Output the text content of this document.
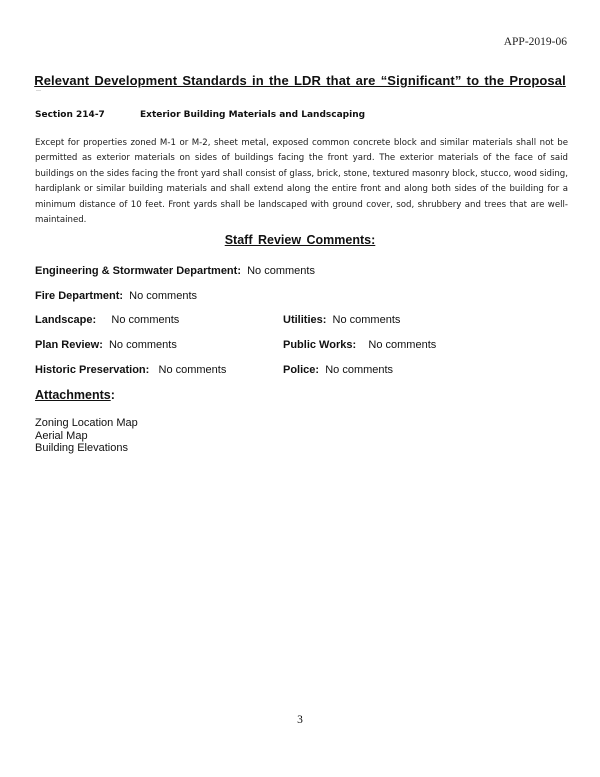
APP-2019-06
Relevant Development Standards in the LDR that are “Significant” to the Proposal
—
Section 214-7	Exterior Building Materials and Landscaping
Except for properties zoned M-1 or M-2, sheet metal, exposed common concrete block and similar materials shall not be permitted as exterior materials on sides of buildings facing the front yard. The exterior materials of the face of said buildings on the sides facing the front yard shall consist of glass, brick, stone, textured masonry block, stucco, wood siding, hardiplank or similar building materials and shall extend along the entire front and along both sides of the building for a minimum distance of 10 feet. Front yards shall be landscaped with ground cover, sod, shrubbery and trees that are well-maintained.
Staff Review Comments:
Engineering & Stormwater Department: No comments
Fire Department: No comments
Landscape: No comments	Utilities: No comments
Plan Review: No comments	Public Works: No comments
Historic Preservation: No comments	Police: No comments
Attachments:
Zoning Location Map
Aerial Map
Building Elevations
3
